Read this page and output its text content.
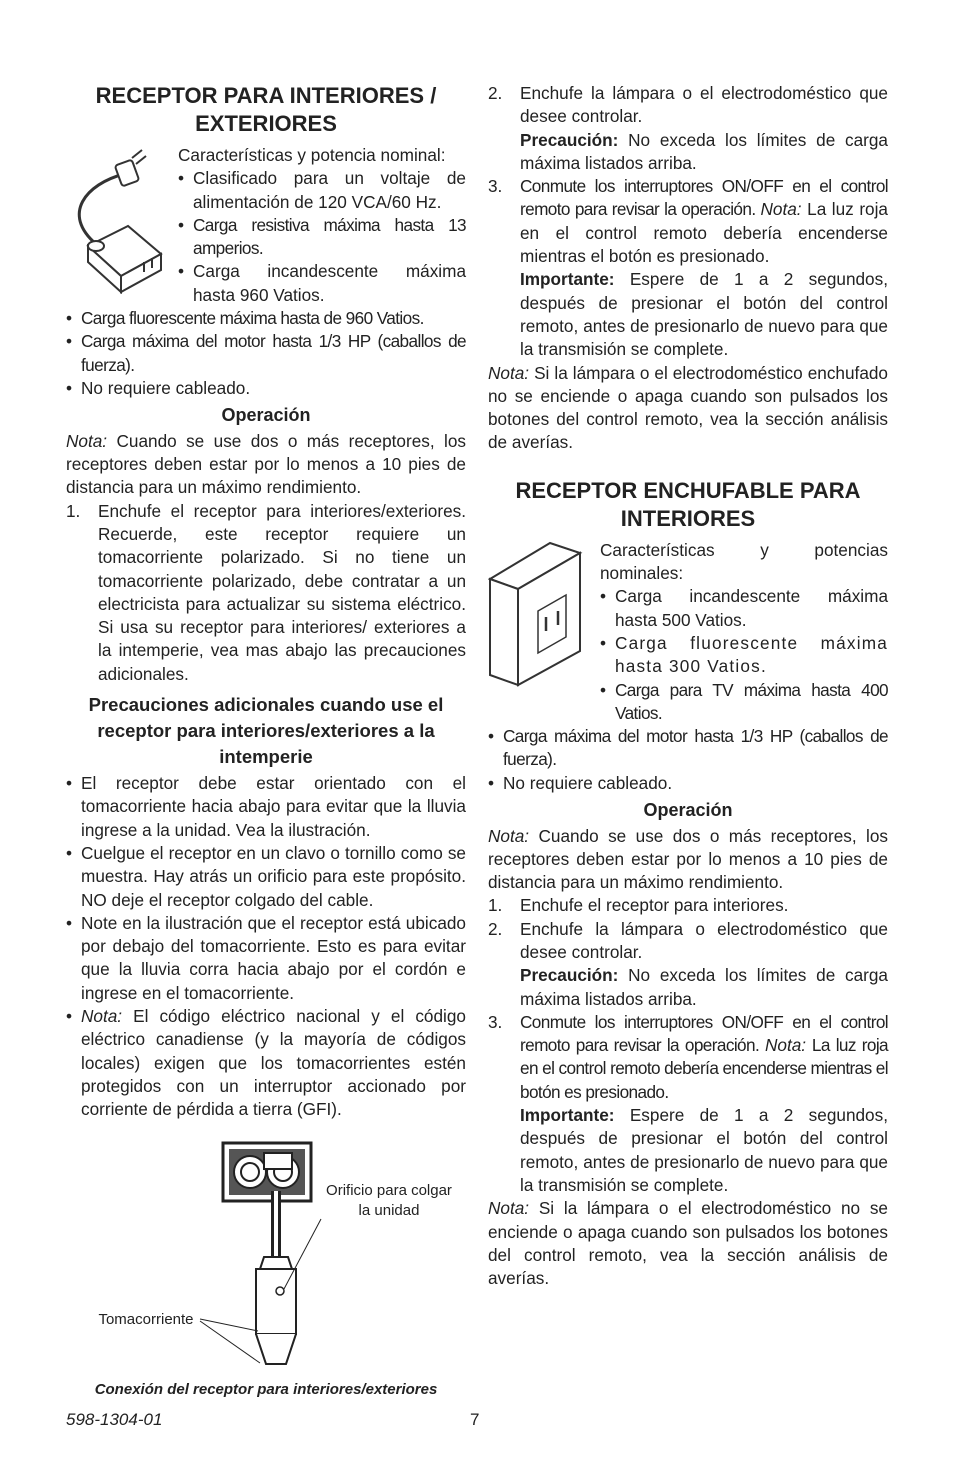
RECEPTOR PARA INTERIORES / EXTERIORES

Características y potencia nominal:

• Clasificado para un voltaje de alimentación de 120 VCA/60 Hz.
• Carga resistiva máxima hasta 13 amperios.
• Carga incandescente máxima hasta 960 Vatios.
• Carga fluorescente máxima hasta de 960 Vatios.
• Carga máxima del motor hasta 1/3 HP (caballos de fuerza).
• No requiere cableado.
Operación

Nota: Cuando se use dos o más receptores, los receptores deben estar por lo menos a 10 pies de distancia para un máximo rendimiento.

1. Enchufe el receptor para interiores/exteriores. Recuerde, este receptor requiere un tomacorriente polarizado. Si no tiene un tomacorriente polarizado, debe contratar a un electricista para actualizar su sistema eléctrico. Si usa su receptor para interiores/ exteriores a la intemperie, vea mas abajo las precauciones adicionales.
Precauciones adicionales cuando use el receptor para interiores/exteriores a la intemperie
• El receptor debe estar orientado con el tomacorriente hacia abajo para evitar que la lluvia ingrese a la unidad. Vea la ilustración.
• Cuelgue el receptor en un clavo o tornillo como se muestra. Hay atrás un orificio para este propósito. NO deje el receptor colgado del cable.
• Note en la ilustración que el receptor está ubicado por debajo del tomacorriente. Esto es para evitar que la lluvia corra hacia abajo por el cordón e ingrese en el tomacorriente.
• Nota: El código eléctrico nacional y el código eléctrico canadiense (y la mayoría de códigos locales) exigen que los tomacorrientes estén protegidos con un interruptor accionado por corriente de pérdida a tierra (GFI).
Orificio para colgar la unidad
Tomacorriente
Conexión del receptor para interiores/exteriores
2. Enchufe la lámpara o el electrodoméstico que desee controlar.
Precaución: No exceda los límites de carga máxima listados arriba.
3. Conmute los interruptores ON/OFF en el control remoto para revisar la operación. Nota: La luz roja en el control remoto debería encenderse mientras el botón es presionado.
Importante: Espere de 1 a 2 segundos, después de presionar el botón del control remoto, antes de presionarlo de nuevo para que la transmisión se complete.

Nota: Si la lámpara o el electrodoméstico enchufado no se enciende o apaga cuando son pulsados los botones del control remoto, vea la sección análisis de averías.

RECEPTOR ENCHUFABLE PARA INTERIORES

Características y potencias nominales:

• Carga incandescente máxima hasta 500 Vatios.
• Carga fluorescente máxima hasta 300 Vatios.
• Carga para TV máxima hasta 400 Vatios.
• Carga máxima del motor hasta 1/3 HP (caballos de fuerza).
• No requiere cableado.
Operación

Nota: Cuando se use dos o más receptores, los receptores deben estar por lo menos a 10 pies de distancia para un máximo rendimiento.

1. Enchufe el receptor para interiores.
2. Enchufe la lámpara o electrodoméstico que desee controlar.
Precaución: No exceda los límites de carga máxima listados arriba.
3. Conmute los interruptores ON/OFF en el control remoto para revisar la operación. Nota: La luz roja en el control remoto debería encenderse mientras el botón es presionado.
Importante: Espere de 1 a 2 segundos, después de presionar el botón del control remoto, antes de presionarlo de nuevo para que la transmisión se complete.

Nota: Si la lámpara o el electrodoméstico no se enciende o apaga cuando son pulsados los botones del control remoto, vea la sección análisis de averías.

598-1304-01	7
